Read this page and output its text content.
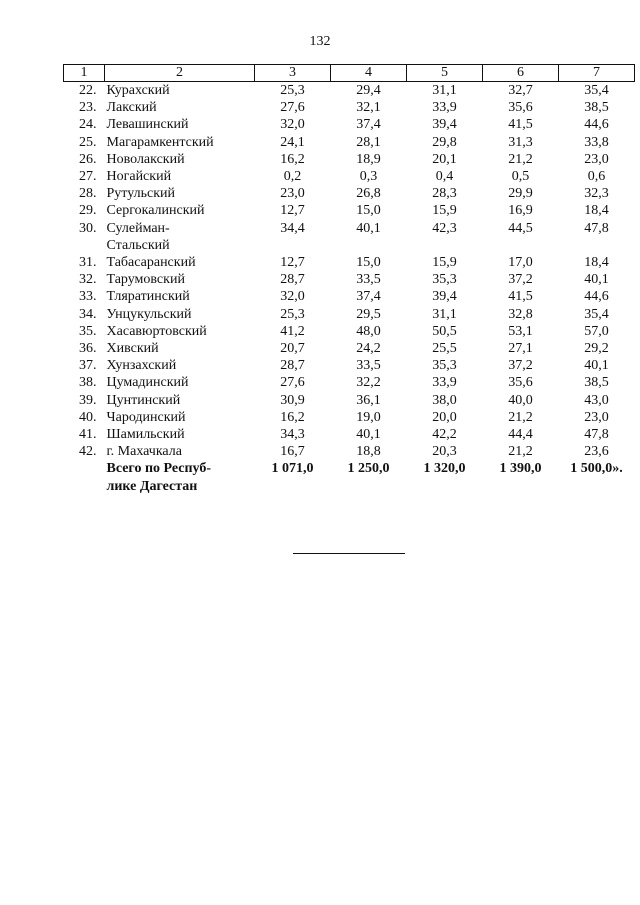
132
1	2	3	4	5	6	7
22.	Курахский	25,3	29,4	31,1	32,7	35,4
23.	Лакский	27,6	32,1	33,9	35,6	38,5
24.	Левашинский	32,0	37,4	39,4	41,5	44,6
25.	Магарамкентский	24,1	28,1	29,8	31,3	33,8
26.	Новолакский	16,2	18,9	20,1	21,2	23,0
27.	Ногайский	0,2	0,3	0,4	0,5	0,6
28.	Рутульский	23,0	26,8	28,3	29,9	32,3
29.	Сергокалинский	12,7	15,0	15,9	16,9	18,4
30.	Сулейман-
Стальский	34,4	40,1	42,3	44,5	47,8
31.	Табасаранский	12,7	15,0	15,9	17,0	18,4
32.	Тарумовский	28,7	33,5	35,3	37,2	40,1
33.	Тляратинский	32,0	37,4	39,4	41,5	44,6
34.	Унцукульский	25,3	29,5	31,1	32,8	35,4
35.	Хасавюртовский	41,2	48,0	50,5	53,1	57,0
36.	Хивский	20,7	24,2	25,5	27,1	29,2
37.	Хунзахский	28,7	33,5	35,3	37,2	40,1
38.	Цумадинский	27,6	32,2	33,9	35,6	38,5
39.	Цунтинский	30,9	36,1	38,0	40,0	43,0
40.	Чародинский	16,2	19,0	20,0	21,2	23,0
41.	Шамильский	34,3	40,1	42,2	44,4	47,8
42.	г. Махачкала	16,7	18,8	20,3	21,2	23,6
	Всего по Респуб-
лике Дагестан	1 071,0	1 250,0	1 320,0	1 390,0	1 500,0».
